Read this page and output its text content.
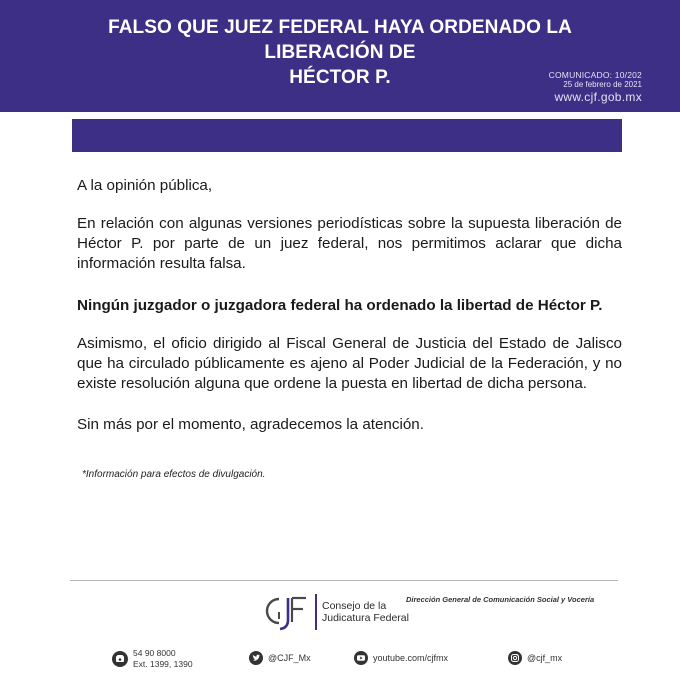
FALSO QUE JUEZ FEDERAL HAYA ORDENADO LA LIBERACIÓN DE
HÉCTOR P.	COMUNICADO: 10/202
25 de febrero de 2021
www.cjf.gob.mx

A la opinión pública,

En relación con algunas versiones periodísticas sobre la supuesta liberación de Héctor P. por parte de un juez federal, nos permitimos aclarar que dicha información resulta falsa.

Ningún juzgador o juzgadora federal ha ordenado la libertad de Héctor P.

Asimismo, el oficio dirigido al Fiscal General de Justicia del Estado de Jalisco que ha circulado públicamente es ajeno al Poder Judicial de la Federación, y no existe resolución alguna que ordene la puesta en libertad de dicha persona.

Sin más por el momento, agradecemos la atención.

*Información para efectos de divulgación.
Consejo de la
Judicatura Federal
Dirección General de Comunicación Social y Vocería
54 90 8000
Ext. 1399, 1390
@CJF_Mx	youtube.com/cjfmx	@cjf_mx
